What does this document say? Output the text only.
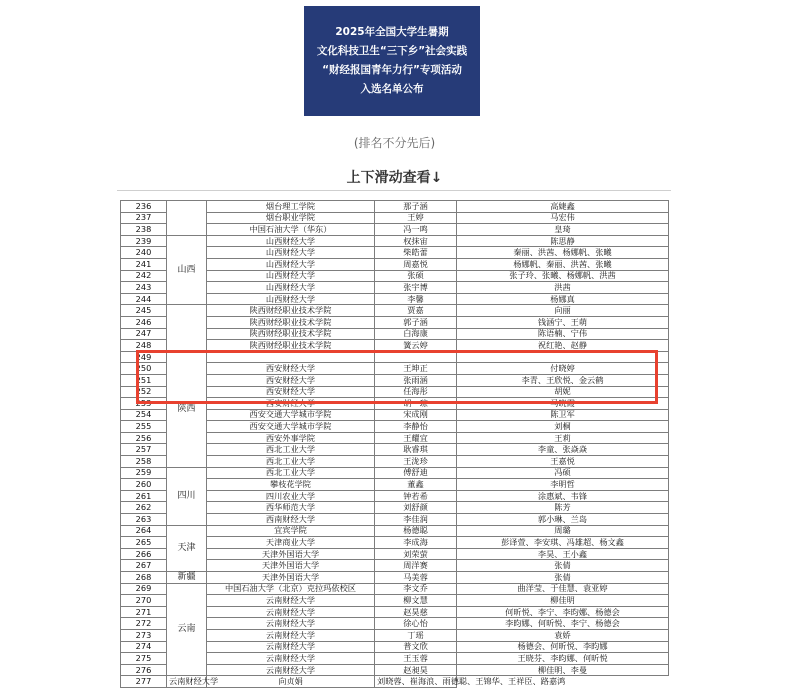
2025年全国大学生暑期
文化科技卫生“三下乡”社会实践
“财经报国青年力行”专项活动
入选名单公布
(排名不分先后)
上下滑动查看↓
236		烟台理工学院	那子涵	高婕鑫
237		烟台职业学院	王婷	马宏伟
238		中国石油大学（华东）	冯一鸣	皇琦
239	山西	山西财经大学	权抹宙	陈思静
240		山西财经大学	柴皓蕾	秦丽、洪茜、杨娜帆、张曦
241		山西财经大学	周嘉悦	杨娜帆、秦丽、洪茜、张曦
242		山西财经大学	张硕	张子玲、张曦、杨娜帆、洪茜
243		山西财经大学	张宇博	洪茜
244		山西财经大学	李馨	杨娜真
245		陕西财经职业技术学院	贾嘉	向丽
246		陕西财经职业技术学院	郭子涵	钱涵宁、王萌
247		陕西财经职业技术学院	白海康	陈语楠、宁伟
248		陕西财经职业技术学院	簧云婷	祝红艳、赵静
249	陕西			
250		西安财经大学	王坤正	付晓婷
251		西安财经大学	张雨涵	李青、王欣悦、金云鹤
252		西安财经大学	任海彤	胡妮
253		西安财经大学	胡一琼	马晓霞
254		西安交通大学城市学院	宋成刚	陈卫军
255		西安交通大学城市学院	李静怡	刘桐
256		西安外事学院	王耀宜	王莉
257		西北工业大学	耿睿琪	李童、张焱焱
258		西北工业大学	王泷珍	王嘉悦
259	四川	西北工业大学	傅舒迪	冯硕
260		攀枝花学院	董鑫	李明哲
261		四川农业大学	钟若希	涂惠斌、韦锋
262		西华师范大学	刘舒颜	陈芳
263		西南财经大学	李佳润	郭小琳、兰岛
264	天津	宜宾学院	杨德聪	周璐
265		天津商业大学	李成海	彭译萱、李安琪、冯雄超、杨文鑫
266		天津外国语大学	刘荣萤	李昊、王小鑫
267		天津外国语大学	周洋赛	张倩
268	新疆	天津外国语大学	马美蓉	张倩
269	云南	中国石油大学（北京）克拉玛依校区	李文乔	曲洋莹、于佳慧、袁亚婷
270		云南财经大学	柳文慧	柳佳明
271		云南财经大学	赵昊慈	何昕悦、李宁、李昀娜、杨德会
272		云南财经大学	徐心怡	李昀娜、何昕悦、李宁、杨德会
273		云南财经大学	丁瑶	袁娇
274		云南财经大学	普文欣	杨德会、何昕悦、李昀娜
275		云南财经大学	王玉蓉	王晓芬、李昀娜、何昕悦
276		云南财经大学	赵昶昊	柳佳明、李曼
277	云南财经大学	向贞娟	刘晓蓉、崔海浪、雨德聪、王锦华、王祥臣、路嘉鸿	
